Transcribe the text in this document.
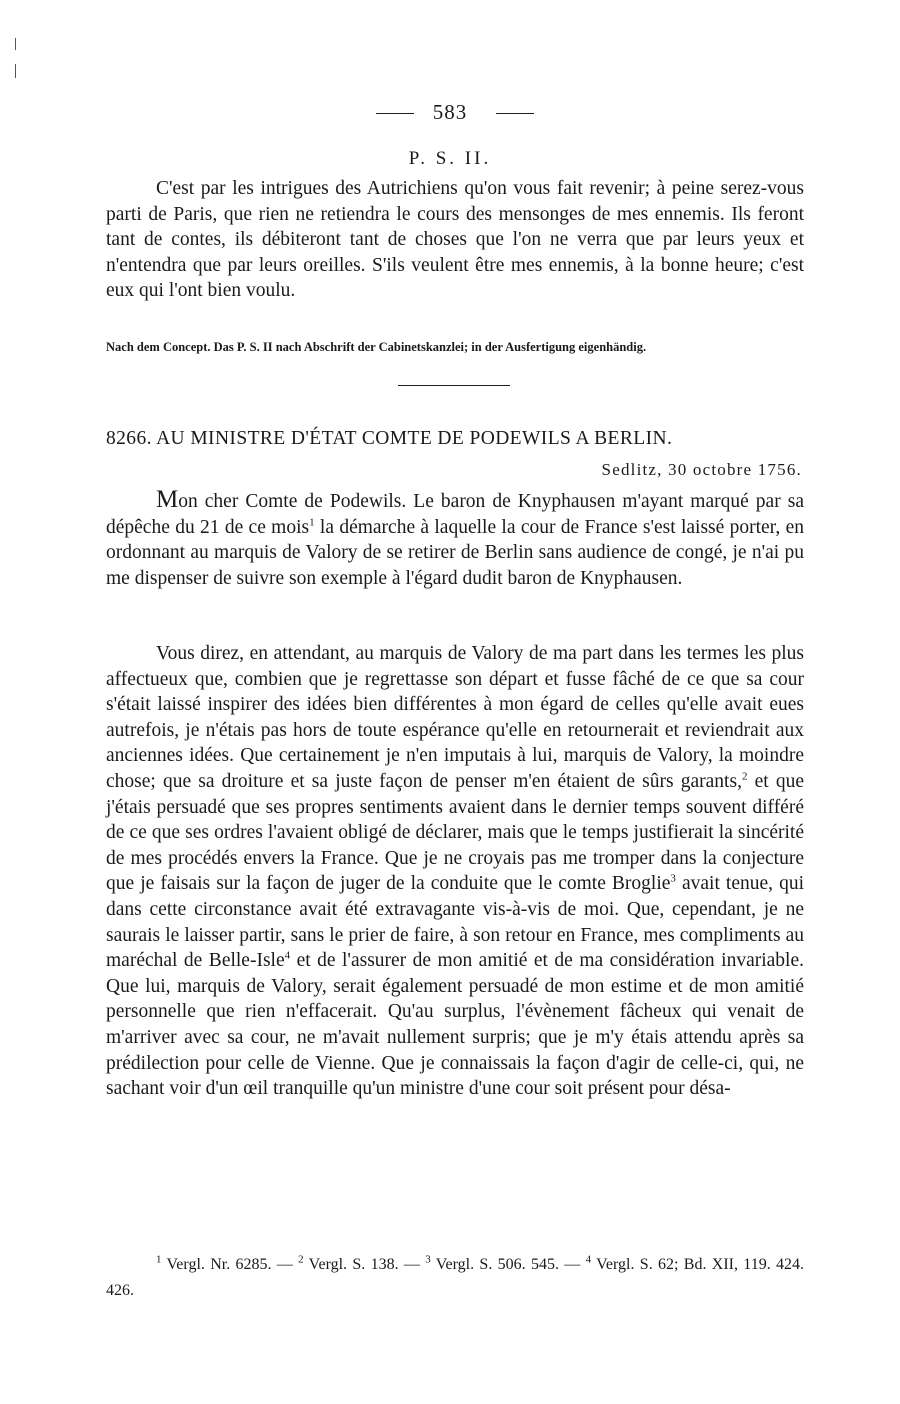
583
P. S. II.
C'est par les intrigues des Autrichiens qu'on vous fait revenir; à peine serez-vous parti de Paris, que rien ne retiendra le cours des mensonges de mes ennemis. Ils feront tant de contes, ils débiteront tant de choses que l'on ne verra que par leurs yeux et n'entendra que par leurs oreilles. S'ils veulent être mes ennemis, à la bonne heure; c'est eux qui l'ont bien voulu.
Nach dem Concept. Das P. S. II nach Abschrift der Cabinetskanzlei; in der Ausfertigung eigenhändig.
8266. AU MINISTRE D'ÉTAT COMTE DE PODEWILS A BERLIN.
Sedlitz, 30 octobre 1756.
Mon cher Comte de Podewils. Le baron de Knyphausen m'ayant marqué par sa dépêche du 21 de ce mois$^1$ la démarche à laquelle la cour de France s'est laissé porter, en ordonnant au marquis de Valory de se retirer de Berlin sans audience de congé, je n'ai pu me dispenser de suivre son exemple à l'égard dudit baron de Knyphausen.
Vous direz, en attendant, au marquis de Valory de ma part dans les termes les plus affectueux que, combien que je regrettasse son départ et fusse fâché de ce que sa cour s'était laissé inspirer des idées bien différentes à mon égard de celles qu'elle avait eues autrefois, je n'étais pas hors de toute espérance qu'elle en retournerait et reviendrait aux anciennes idées. Que certainement je n'en imputais à lui, marquis de Valory, la moindre chose; que sa droiture et sa juste façon de penser m'en étaient de sûrs garants,$^2$ et que j'étais persuadé que ses propres sentiments avaient dans le dernier temps souvent différé de ce que ses ordres l'avaient obligé de déclarer, mais que le temps justifierait la sincérité de mes procédés envers la France. Que je ne croyais pas me tromper dans la conjecture que je faisais sur la façon de juger de la conduite que le comte Broglie$^3$ avait tenue, qui dans cette circonstance avait été extravagante vis-à-vis de moi. Que, cependant, je ne saurais le laisser partir, sans le prier de faire, à son retour en France, mes compliments au maréchal de Belle-Isle$^4$ et de l'assurer de mon amitié et de ma considération invariable. Que lui, marquis de Valory, serait également persuadé de mon estime et de mon amitié personnelle que rien n'effacerait. Qu'au surplus, l'évènement fâcheux qui venait de m'arriver avec sa cour, ne m'avait nullement surpris; que je m'y étais attendu après sa prédilection pour celle de Vienne. Que je connaissais la façon d'agir de celle-ci, qui, ne sachant voir d'un œil tranquille qu'un ministre d'une cour soit présent pour désa-
$^1$ Vergl. Nr. 6285. — $^2$ Vergl. S. 138. — $^3$ Vergl. S. 506. 545. — $^4$ Vergl. S. 62; Bd. XII, 119. 424. 426.
